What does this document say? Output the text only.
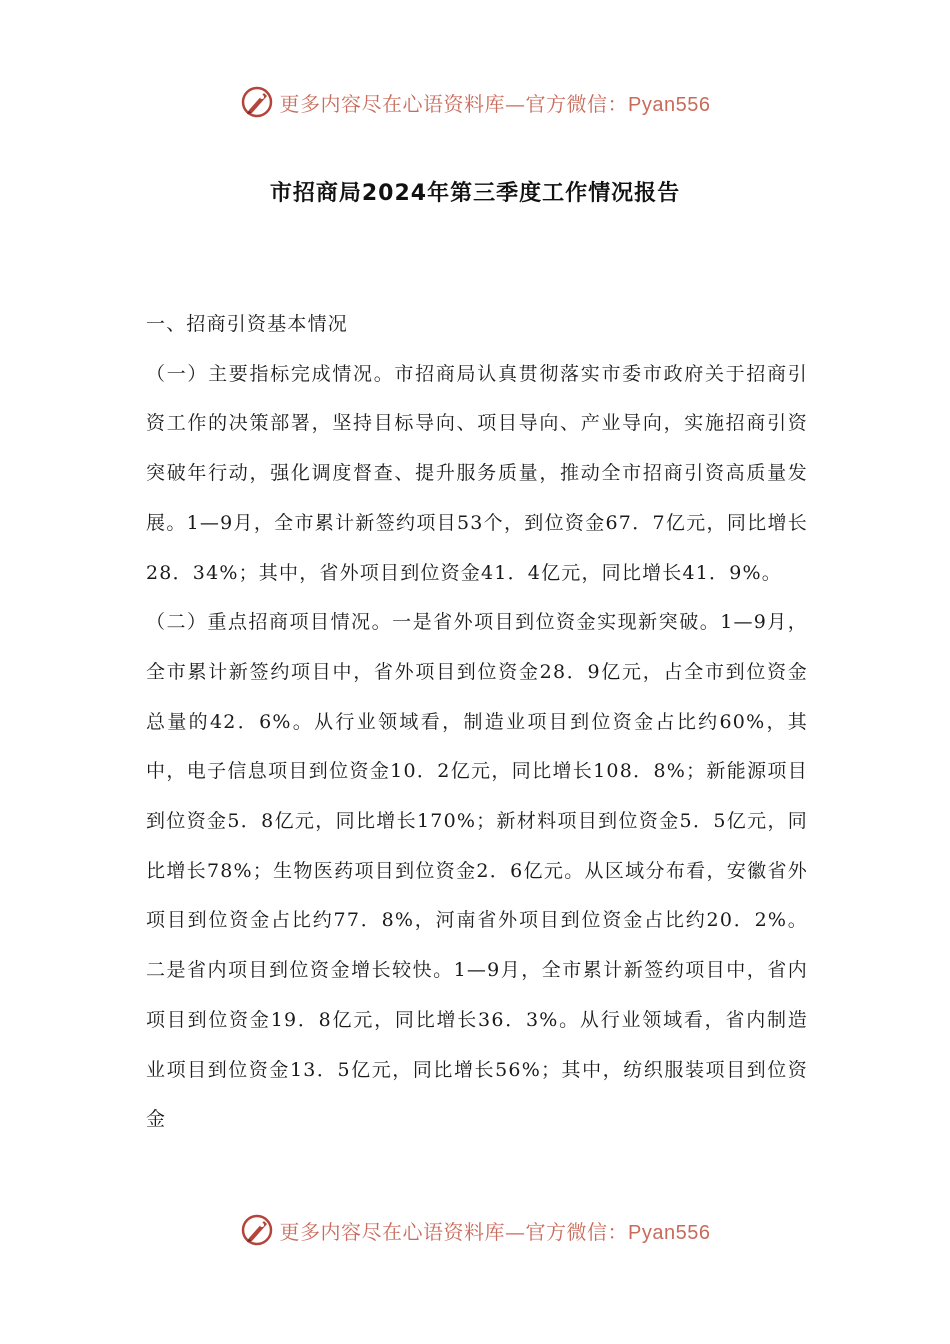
更多内容尽在心语资料库—官方微信：Pyan556
市招商局2024年第三季度工作情况报告

一、招商引资基本情况

（一）主要指标完成情况。市招商局认真贯彻落实市委市政府关于招商引资工作的决策部署，坚持目标导向、项目导向、产业导向，实施招商引资突破年行动，强化调度督查、提升服务质量，推动全市招商引资高质量发展。1—9月，全市累计新签约项目53个，到位资金67．7亿元，同比增长28．34%；其中，省外项目到位资金41．4亿元，同比增长41．9%。

（二）重点招商项目情况。一是省外项目到位资金实现新突破。1—9月，全市累计新签约项目中，省外项目到位资金28．9亿元，占全市到位资金总量的42．6%。从行业领域看，制造业项目到位资金占比约60%，其中，电子信息项目到位资金10．2亿元，同比增长108．8%；新能源项目到位资金5．8亿元，同比增长170%；新材料项目到位资金5．5亿元，同比增长78%；生物医药项目到位资金2．6亿元。从区域分布看，安徽省外项目到位资金占比约77．8%，河南省外项目到位资金占比约20．2%。二是省内项目到位资金增长较快。1—9月，全市累计新签约项目中，省内项目到位资金19．8亿元，同比增长36．3%。从行业领域看，省内制造业项目到位资金13．5亿元，同比增长56%；其中，纺织服装项目到位资金

更多内容尽在心语资料库—官方微信：Pyan556
